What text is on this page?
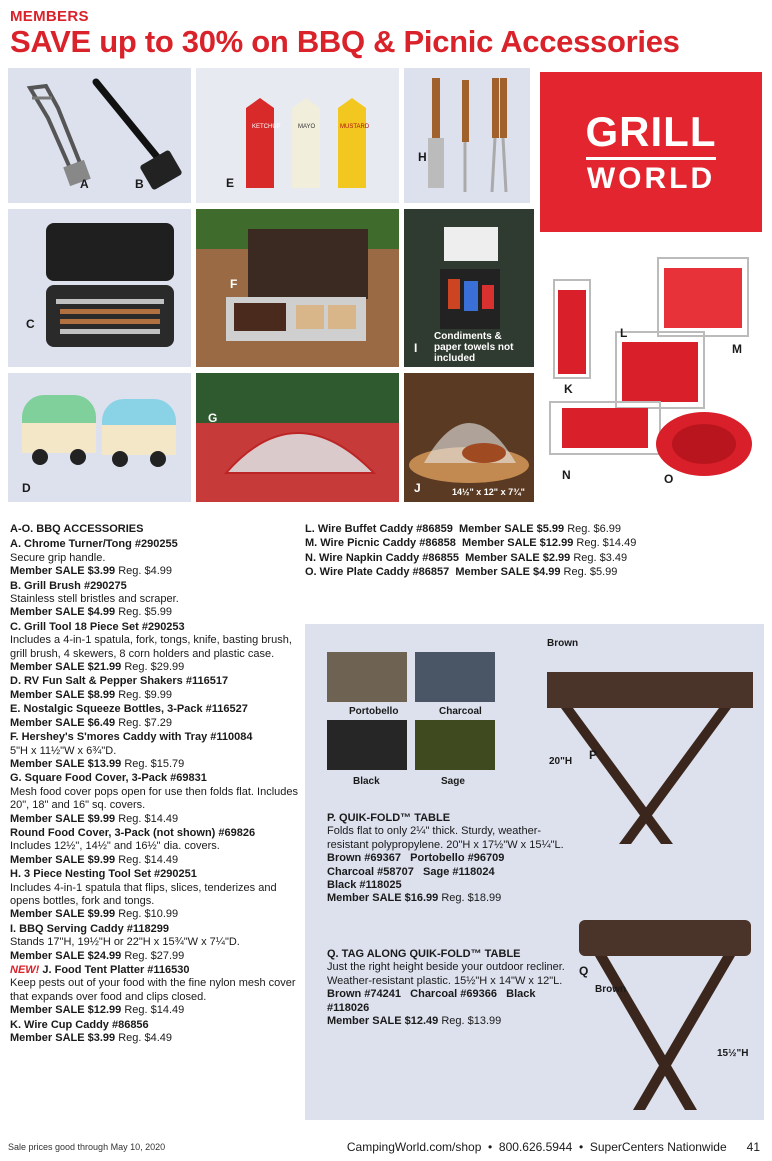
MEMBERS
SAVE up to 30% on BBQ & Picnic Accessories
A	B
KETCHUP	MAYO	MUSTARD
E
H
GRILL
WORLD
C
F
I
Condiments & paper towels not included
K
L
M
N	O
D
G
J	14½" x 12" x 7¾"
A-O. BBQ ACCESSORIES
A. Chrome Turner/Tong #290255
Secure grip handle.
Member SALE $3.99 Reg. $4.99
B. Grill Brush #290275
Stainless stell bristles and scraper.
Member SALE $4.99 Reg. $5.99
C. Grill Tool 18 Piece Set #290253
Includes a 4-in-1 spatula, fork, tongs, knife, basting brush, grill brush, 4 skewers, 8 corn holders and plastic case.
Member SALE $21.99 Reg. $29.99
D. RV Fun Salt & Pepper Shakers #116517
Member SALE $8.99 Reg. $9.99
E. Nostalgic Squeeze Bottles, 3-Pack #116527
Member SALE $6.49 Reg. $7.29
F. Hershey's S'mores Caddy with Tray #110084
5"H x 11½"W x 6¾"D.
Member SALE $13.99 Reg. $15.79
G. Square Food Cover, 3-Pack #69831
Mesh food cover pops open for use then folds flat. Includes 20", 18" and 16" sq. covers.
Member SALE $9.99 Reg. $14.49
Round Food Cover, 3-Pack (not shown) #69826
Includes 12½", 14½" and 16½" dia. covers.
Member SALE $9.99 Reg. $14.49
H. 3 Piece Nesting Tool Set #290251
Includes 4-in-1 spatula that flips, slices, tenderizes and opens bottles, fork and tongs.
Member SALE $9.99 Reg. $10.99
I. BBQ Serving Caddy #118299
Stands 17"H, 19½"H or 22"H x 15¾"W x 7¼"D.
Member SALE $24.99 Reg. $27.99
NEW! J. Food Tent Platter #116530
Keep pests out of your food with the fine nylon mesh cover that expands over food and clips closed.
Member SALE $12.99 Reg. $14.49
K. Wire Cup Caddy #86856
Member SALE $3.99 Reg. $4.49
L. Wire Buffet Caddy #86859 Member SALE $5.99 Reg. $6.99
M. Wire Picnic Caddy #86858 Member SALE $12.99 Reg. $14.49
N. Wire Napkin Caddy #86855 Member SALE $2.99 Reg. $3.49
O. Wire Plate Caddy #86857 Member SALE $4.99 Reg. $5.99
Portobello	Charcoal
Black	Sage
Brown
P
20"H
Q
Brown
15½"H
P. QUIK-FOLD™ TABLE
Folds flat to only 2¼" thick. Sturdy, weather-resistant polypropylene. 20"H x 17½"W x 15¼"L.
Brown #69367 Portobello #96709
Charcoal #58707 Sage #118024
Black #118025
Member SALE $16.99 Reg. $18.99
Q. TAG ALONG QUIK-FOLD™ TABLE
Just the right height beside your outdoor recliner. Weather-resistant plastic. 15½"H x 14"W x 12"L.
Brown #74241 Charcoal #69366 Black #118026
Member SALE $12.49 Reg. $13.99
Sale prices good through May 10, 2020	CampingWorld.com/shop  •  800.626.5944  •  SuperCenters Nationwide 41
